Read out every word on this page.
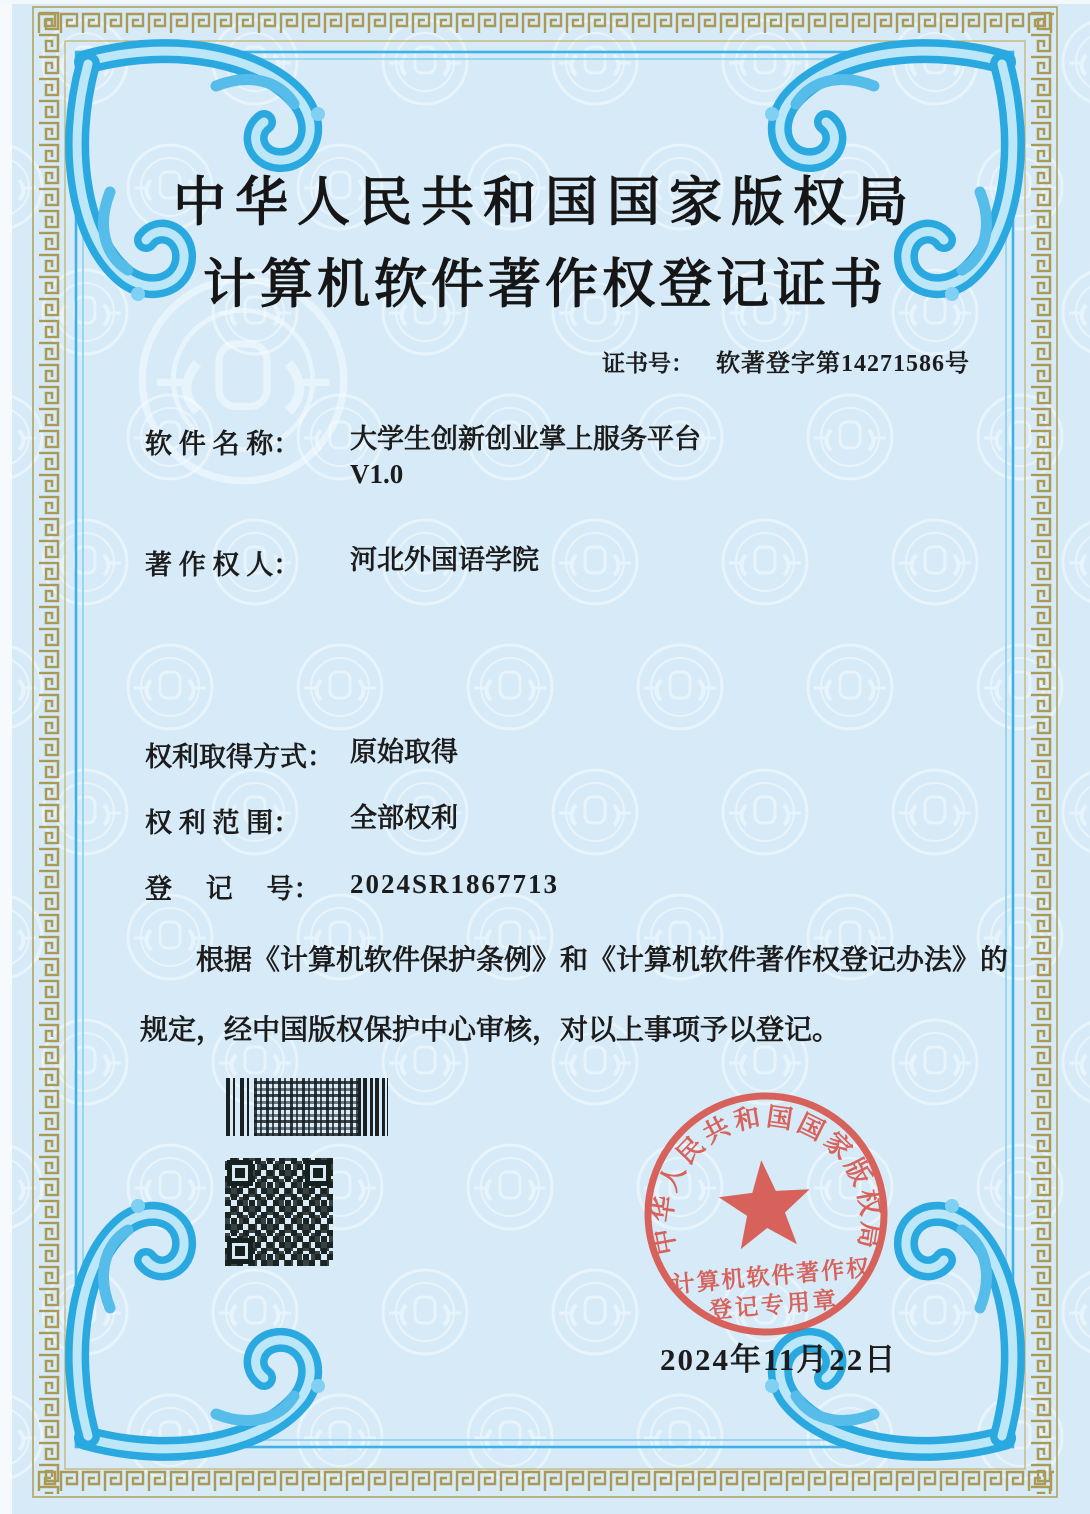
中华人民共和国国家版权局
计算机软件著作权登记证书
证书号： 软著登字第14271586号
软 件 名 称： 大学生创新创业掌上服务平台
V1.0
著 作 权 人： 河北外国语学院
权利取得方式： 原始取得
权 利 范 围： 全部权利
登　 记　 号： 2024SR1867713
根据《计算机软件保护条例》和《计算机软件著作权登记办法》的
规定，经中国版权保护中心审核，对以上事项予以登记。
中华人民共和国国家版权局
计算机软件著作权
登记专用章
2024年11月22日
